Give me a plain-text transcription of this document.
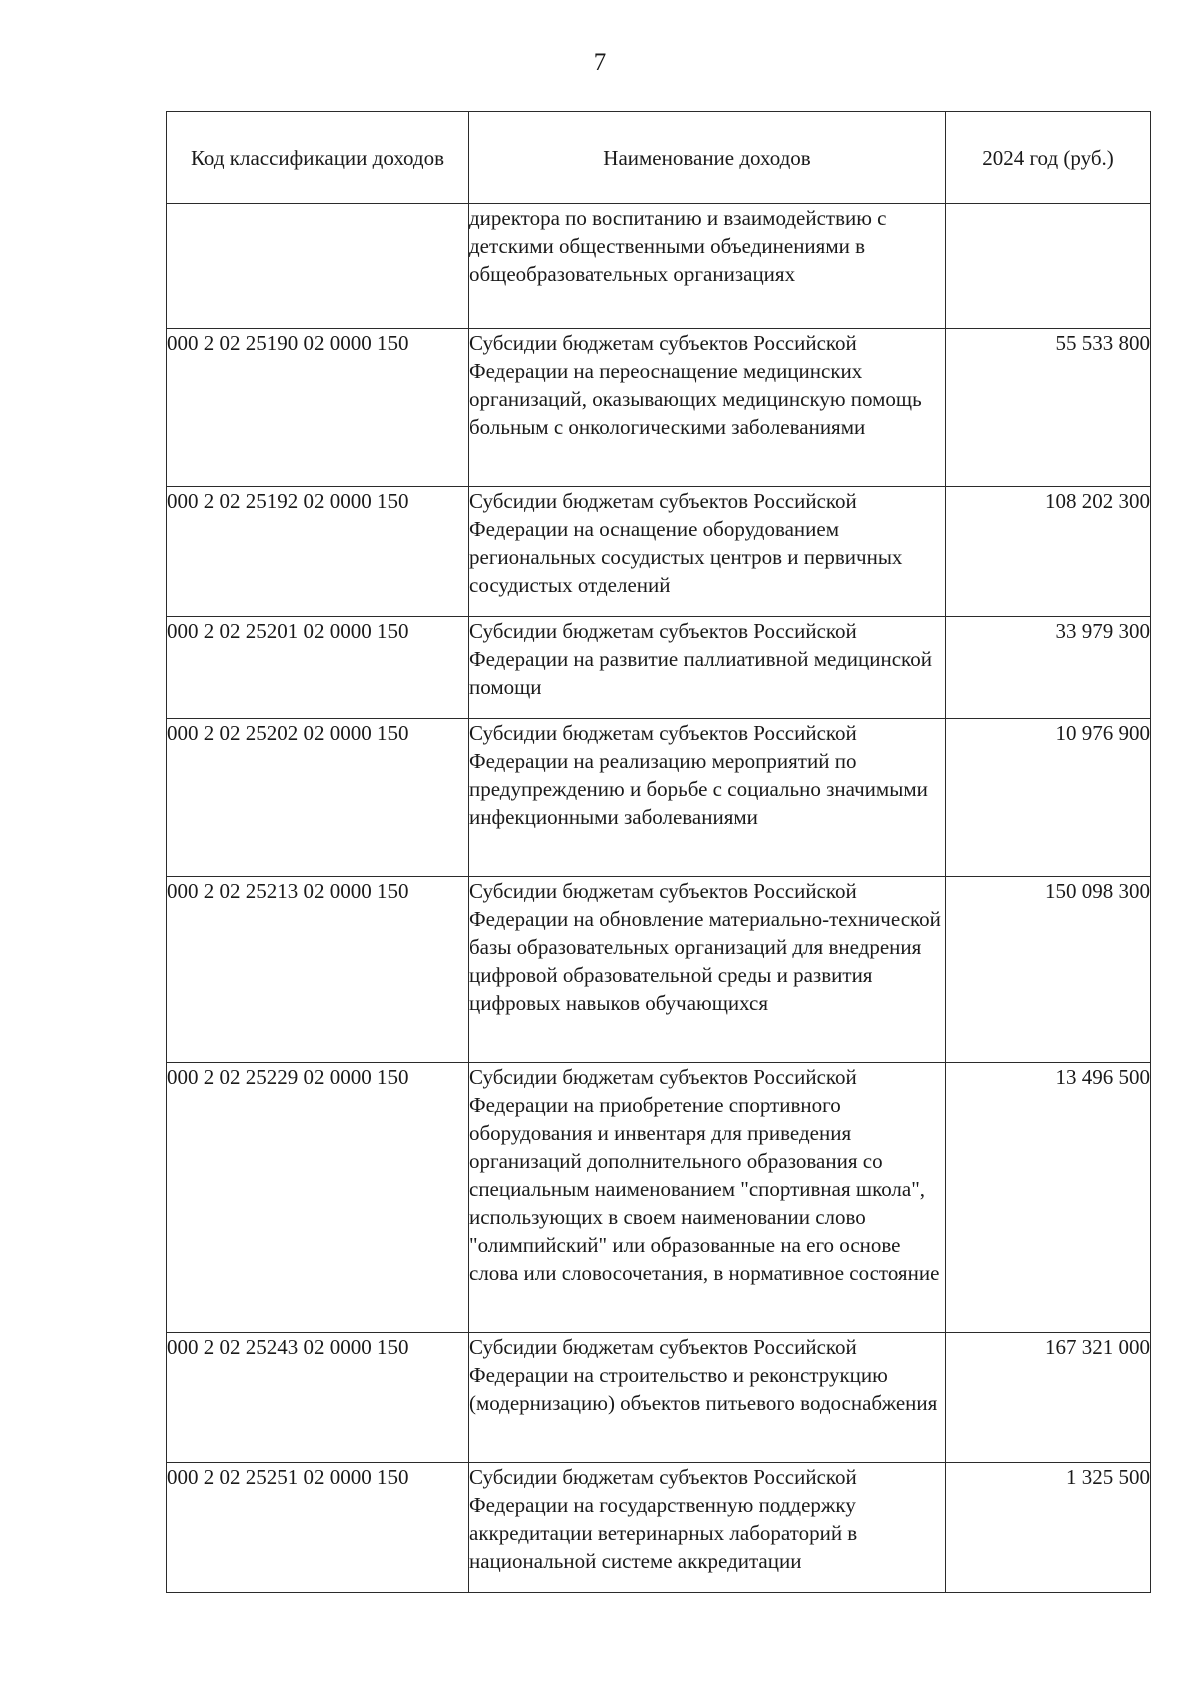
7
Код классификации доходов	Наименование доходов	2024 год (руб.)
	директора по воспитанию и взаимодействию с детскими общественными объединениями в общеобразовательных организациях	
000 2 02 25190 02 0000 150	Субсидии бюджетам субъектов Российской Федерации на переоснащение медицинских организаций, оказывающих медицинскую помощь больным с онкологическими заболеваниями	55 533 800
000 2 02 25192 02 0000 150	Субсидии бюджетам субъектов Российской Федерации на оснащение оборудованием региональных сосудистых центров и первичных сосудистых отделений	108 202 300
000 2 02 25201 02 0000 150	Субсидии бюджетам субъектов Российской Федерации на развитие паллиативной медицинской помощи	33 979 300
000 2 02 25202 02 0000 150	Субсидии бюджетам субъектов Российской Федерации на реализацию мероприятий по предупреждению и борьбе с социально значимыми инфекционными заболеваниями	10 976 900
000 2 02 25213 02 0000 150	Субсидии бюджетам субъектов Российской Федерации на обновление материально-технической базы образовательных организаций для внедрения цифровой образовательной среды и развития цифровых навыков обучающихся	150 098 300
000 2 02 25229 02 0000 150	Субсидии бюджетам субъектов Российской Федерации на приобретение спортивного оборудования и инвентаря для приведения организаций дополнительного образования со специальным наименованием "спортивная школа", использующих в своем наименовании слово "олимпийский" или образованные на его основе слова или словосочетания, в нормативное состояние	13 496 500
000 2 02 25243 02 0000 150	Субсидии бюджетам субъектов Российской Федерации на строительство и реконструкцию (модернизацию) объектов питьевого водоснабжения	167 321 000
000 2 02 25251 02 0000 150	Субсидии бюджетам субъектов Российской Федерации на государственную поддержку аккредитации ветеринарных лабораторий в национальной системе аккредитации	1 325 500
